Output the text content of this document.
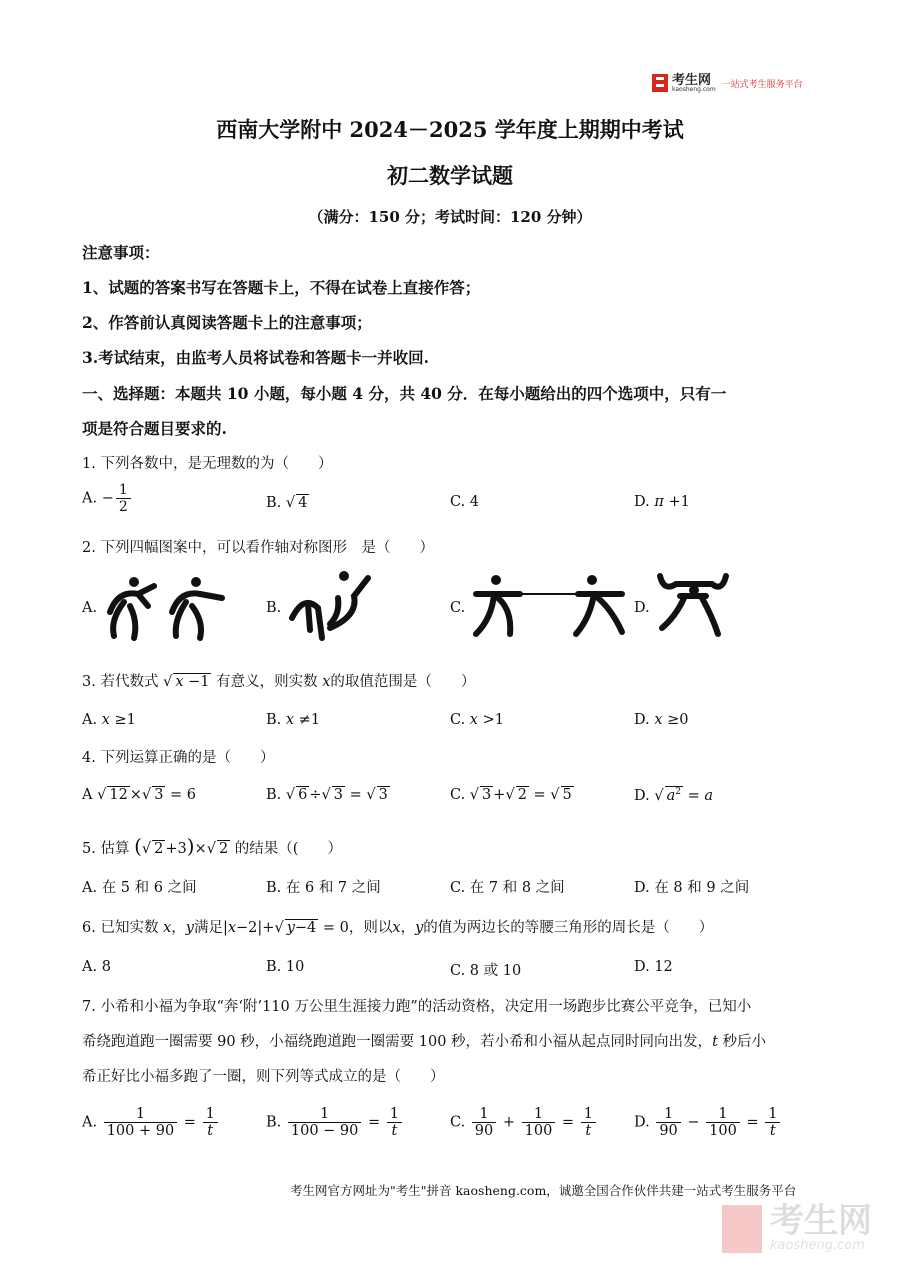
考生网
kaosheng.com 一站式考生服务平台
西南大学附中 2024－2025 学年度上期期中考试
初二数学试题
（满分：150 分；考试时间：120 分钟）
注意事项：
1、试题的答案书写在答题卡上，不得在试卷上直接作答；
2、作答前认真阅读答题卡上的注意事项；
3.考试结束，由监考人员将试卷和答题卡一并收回.
一、选择题：本题共 10 小题，每小题 4 分，共 40 分．在每小题给出的四个选项中，只有一
项是符合题目要求的.
1. 下列各数中，是无理数的为（　　）
A. − $\frac{1}{2}$	B. √ 4	C. 4	D. π +1
2. 下列四幅图案中，可以看作轴对称图形　是（　　）
A.	B.	C.	D.
3. 若代数式 √ x −1 有意义，则实数 x的取值范围是（　　）
A. x ≥1	B. x ≠1	C. x >1	D. x ≥0
4. 下列运算正确的是（　　）
A √ 12 ×√ 3 = 6	B. √ 6 ÷√ 3 = √ 3	C. √ 3 +√ 2 = √ 5	D. √ $a^2 = a$
5. 估算 (√ 2 +3)×√ 2 的结果（(　　）
A. 在 5 和 6 之间	B. 在 6 和 7 之间	C. 在 7 和 8 之间	D. 在 8 和 9 之间
6. 已知实数 x，y满足|x−2|+√ y−4 = 0，则以x，y的值为两边长的等腰三角形的周长是（　　）
A. 8	B. 10	C. 8 或 10	D. 12
7. 小希和小福为争取“奔‘附’110 万公里生涯接力跑”的活动资格，决定用一场跑步比赛公平竞争，已知小
希绕跑道跑一圈需要 90 秒，小福绕跑道跑一圈需要 100 秒，若小希和小福从起点同时同向出发，t 秒后小
希正好比小福多跑了一圈，则下列等式成立的是（　　）
A. $\frac{1}{100 + 90} = \frac{1}{t}$	B. $\frac{1}{100 - 90} = \frac{1}{t}$	C. $\frac{1}{90} + \frac{1}{100} = \frac{1}{t}$	D. $\frac{1}{90} - \frac{1}{100} = \frac{1}{t}$
考生网官方网址为"考生"拼音 kaosheng.com，诚邀全国合作伙伴共建一站式考生服务平台
考生网
kaosheng.com
